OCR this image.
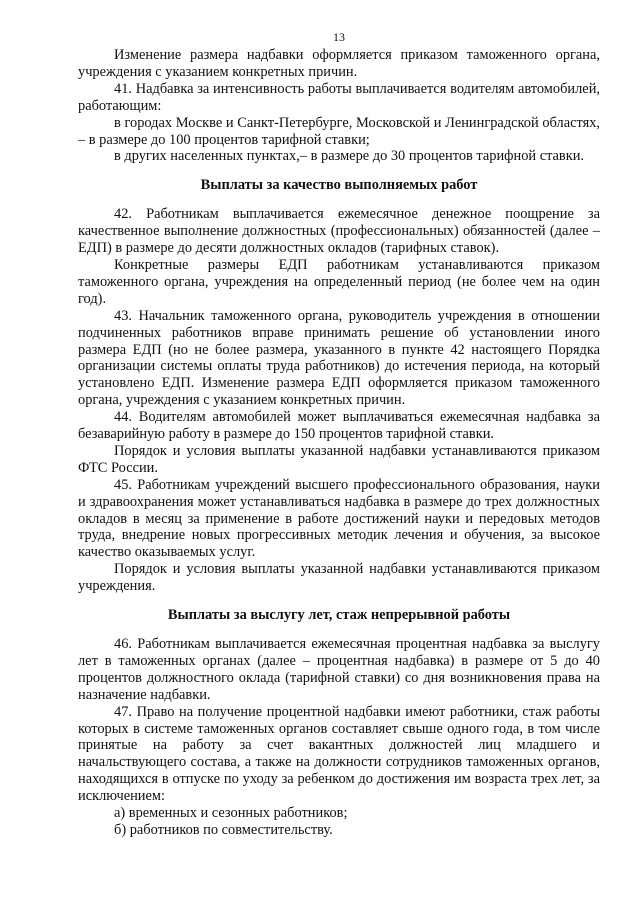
13

Изменение размера надбавки оформляется приказом таможенного органа, учреждения с указанием конкретных причин.

41. Надбавка за интенсивность работы выплачивается водителям автомобилей, работающим:

в городах Москве и Санкт-Петербурге, Московской и Ленинградской областях, – в размере до 100 процентов тарифной ставки;

в других населенных пунктах,– в размере до 30 процентов тарифной ставки.

Выплаты за качество выполняемых работ

42. Работникам выплачивается ежемесячное денежное поощрение за качественное выполнение должностных (профессиональных) обязанностей (далее – ЕДП) в размере до десяти должностных окладов (тарифных ставок).

Конкретные размеры ЕДП работникам устанавливаются приказом таможенного органа, учреждения на определенный период (не более чем на один год).

43. Начальник таможенного органа, руководитель учреждения в отношении подчиненных работников вправе принимать решение об установлении иного размера ЕДП (но не более размера, указанного в пункте 42 настоящего Порядка организации системы оплаты труда работников) до истечения периода, на который установлено ЕДП. Изменение размера ЕДП оформляется приказом таможенного органа, учреждения с указанием конкретных причин.

44. Водителям автомобилей может выплачиваться ежемесячная надбавка за безаварийную работу в размере до 150 процентов тарифной ставки.

Порядок и условия выплаты указанной надбавки устанавливаются приказом ФТС России.

45. Работникам учреждений высшего профессионального образования, науки и здравоохранения может устанавливаться надбавка в размере до трех должностных окладов в месяц за применение в работе достижений науки и передовых методов труда, внедрение новых прогрессивных методик лечения и обучения, за высокое качество оказываемых услуг.

Порядок и условия выплаты указанной надбавки устанавливаются приказом учреждения.

Выплаты за выслугу лет, стаж непрерывной работы

46. Работникам выплачивается ежемесячная процентная надбавка за выслугу лет в таможенных органах (далее – процентная надбавка) в размере от 5 до 40 процентов должностного оклада (тарифной ставки) со дня возникновения права на назначение надбавки.

47. Право на получение процентной надбавки имеют работники, стаж работы которых в системе таможенных органов составляет свыше одного года, в том числе принятые на работу за счет вакантных должностей лиц младшего и начальствующего состава, а также на должности сотрудников таможенных органов, находящихся в отпуске по уходу за ребенком до достижения им возраста трех лет, за исключением:

а) временных и сезонных работников;

б) работников по совместительству.
